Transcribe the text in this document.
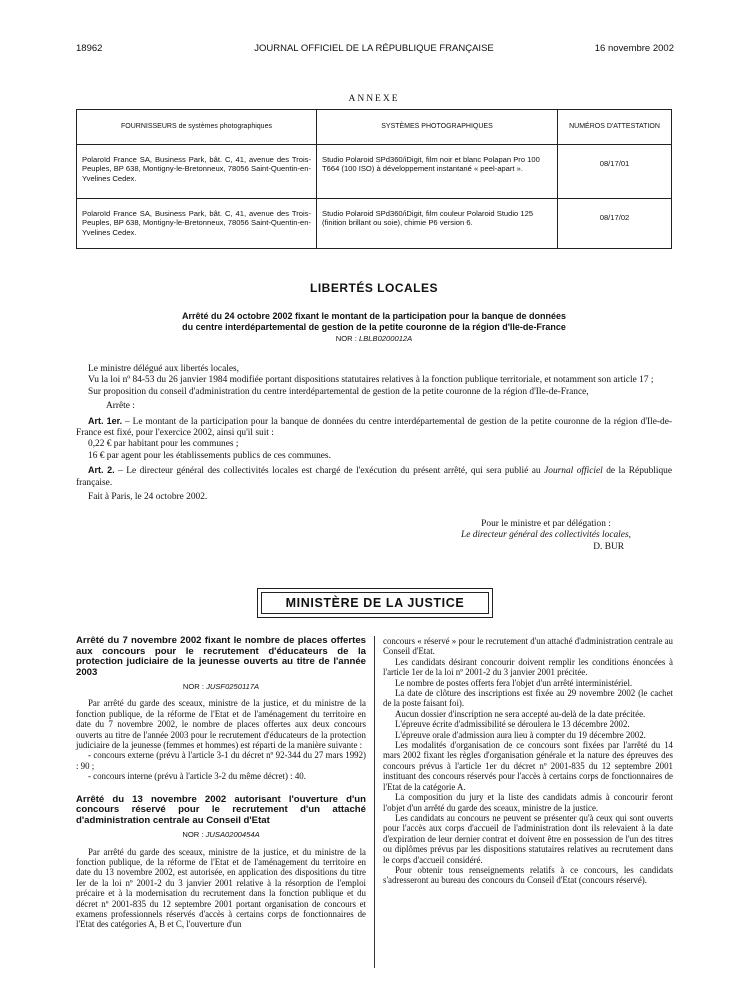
18962	JOURNAL OFFICIEL DE LA RÉPUBLIQUE FRANÇAISE	16 novembre 2002
ANNEXE
FOURNISSEURS de systèmes photographiques	SYSTÈMES PHOTOGRAPHIQUES	NUMÉROS D'ATTESTATION
Polaroïd France SA, Business Park, bât. C, 41, avenue des Trois-Peuples, BP 638, Montigny-le-Bretonneux, 78056 Saint-Quentin-en-Yvelines Cedex.	Studio Polaroid SPd360/iDigit, film noir et blanc Polapan Pro 100 T664 (100 ISO) à développement instantané « peel-apart ».	08/17/01
Polaroïd France SA, Business Park, bât. C, 41, avenue des Trois-Peuples, BP 638, Montigny-le-Bretonneux, 78056 Saint-Quentin-en-Yvelines Cedex.	Studio Polaroid SPd360/iDigit, film couleur Polaroid Studio 125 (finition brillant ou soie), chimie P6 version 6.	08/17/02
LIBERTÉS LOCALES
Arrêté du 24 octobre 2002 fixant le montant de la participation pour la banque de données
du centre interdépartemental de gestion de la petite couronne de la région d'Ile-de-France
NOR : LBLB0200012A

Le ministre délégué aux libertés locales,

Vu la loi nº 84-53 du 26 janvier 1984 modifiée portant dispositions statutaires relatives à la fonction publique territoriale, et notamment son article 17 ;

Sur proposition du conseil d'administration du centre interdépartemental de gestion de la petite couronne de la région d'Ile-de-France,

Arrête :

Art. 1er. – Le montant de la participation pour la banque de données du centre interdépartemental de gestion de la petite couronne de la région d'Ile-de-France est fixé, pour l'exercice 2002, ainsi qu'il suit :

0,22 € par habitant pour les communes ;

16 € par agent pour les établissements publics de ces communes.

Art. 2. – Le directeur général des collectivités locales est chargé de l'exécution du présent arrêté, qui sera publié au Journal officiel de la République française.

Fait à Paris, le 24 octobre 2002.

Pour le ministre et par délégation :
Le directeur général des collectivités locales,
D. BUR
MINISTÈRE DE LA JUSTICE

Arrêté du 7 novembre 2002 fixant le nombre de places offertes aux concours pour le recrutement d'éducateurs de la protection judiciaire de la jeunesse ouverts au titre de l'année 2003

NOR : JUSF0250117A

Par arrêté du garde des sceaux, ministre de la justice, et du ministre de la fonction publique, de la réforme de l'Etat et de l'aménagement du territoire en date du 7 novembre 2002, le nombre de places offertes aux deux concours ouverts au titre de l'année 2003 pour le recrutement d'éducateurs de la protection judiciaire de la jeunesse (femmes et hommes) est réparti de la manière suivante :

- concours externe (prévu à l'article 3-1 du décret nº 92-344 du 27 mars 1992) : 90 ;

- concours interne (prévu à l'article 3-2 du même décret) : 40.

Arrêté du 13 novembre 2002 autorisant l'ouverture d'un concours réservé pour le recrutement d'un attaché d'administration centrale au Conseil d'Etat

NOR : JUSA0200454A

Par arrêté du garde des sceaux, ministre de la justice, et du ministre de la fonction publique, de la réforme de l'Etat et de l'aménagement du territoire en date du 13 novembre 2002, est autorisée, en application des dispositions du titre Ier de la loi nº 2001-2 du 3 janvier 2001 relative à la résorption de l'emploi précaire et à la modernisation du recrutement dans la fonction publique et du décret nº 2001-835 du 12 septembre 2001 portant organisation de concours et examens professionnels réservés d'accès à certains corps de fonctionnaires de l'Etat des catégories A, B et C, l'ouverture d'un

concours « réservé » pour le recrutement d'un attaché d'administration centrale au Conseil d'Etat.

Les candidats désirant concourir doivent remplir les conditions énoncées à l'article 1er de la loi nº 2001-2 du 3 janvier 2001 précitée.

Le nombre de postes offerts fera l'objet d'un arrêté interministériel.

La date de clôture des inscriptions est fixée au 29 novembre 2002 (le cachet de la poste faisant foi).

Aucun dossier d'inscription ne sera accepté au-delà de la date précitée.

L'épreuve écrite d'admissibilité se déroulera le 13 décembre 2002.

L'épreuve orale d'admission aura lieu à compter du 19 décembre 2002.

Les modalités d'organisation de ce concours sont fixées par l'arrêté du 14 mars 2002 fixant les règles d'organisation générale et la nature des épreuves des concours prévus à l'article 1er du décret nº 2001-835 du 12 septembre 2001 instituant des concours réservés pour l'accès à certains corps de fonctionnaires de l'Etat de la catégorie A.

La composition du jury et la liste des candidats admis à concourir feront l'objet d'un arrêté du garde des sceaux, ministre de la justice.

Les candidats au concours ne peuvent se présenter qu'à ceux qui sont ouverts pour l'accès aux corps d'accueil de l'administration dont ils relevaient à la date d'expiration de leur dernier contrat et doivent être en possession de l'un des titres ou diplômes prévus par les dispositions statutaires relatives au recrutement dans le corps d'accueil considéré.

Pour obtenir tous renseignements relatifs à ce concours, les candidats s'adresseront au bureau des concours du Conseil d'Etat (concours réservé).
